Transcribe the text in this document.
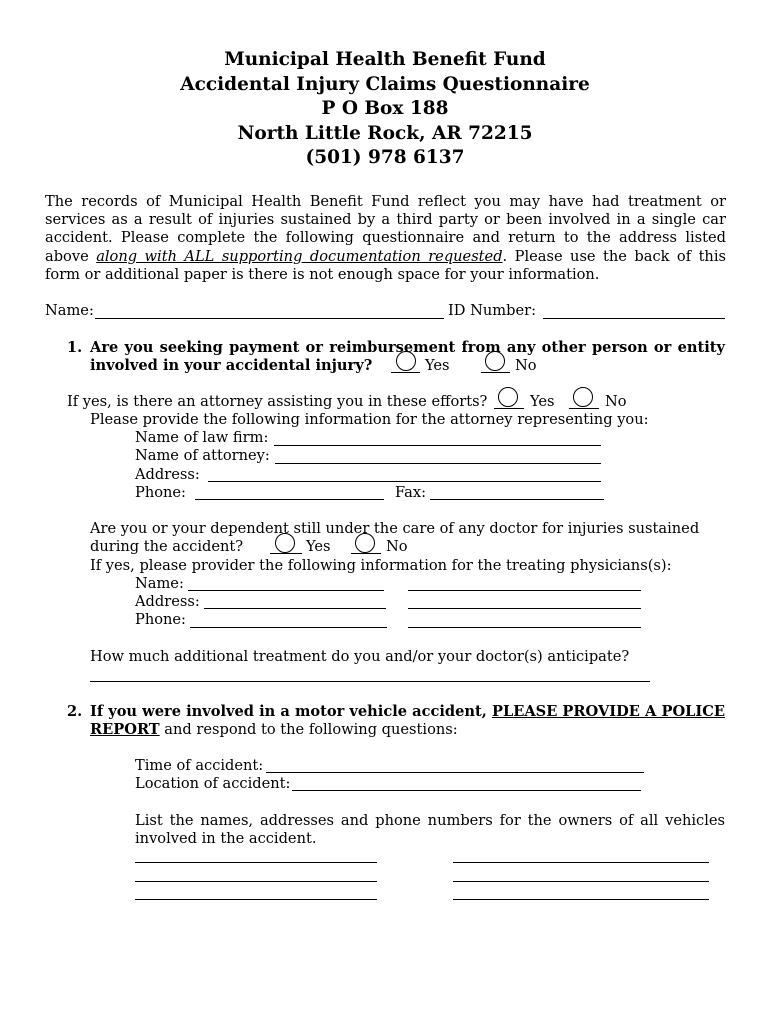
Municipal Health Benefit Fund
Accidental Injury Claims Questionnaire
P O Box 188
North Little Rock, AR 72215
(501) 978 6137

The records of Municipal Health Benefit Fund reflect you may have had treatment or services as a result of injuries sustained by a third party or been involved in a single car accident. Please complete the following questionnaire and return to the address listed above along with ALL supporting documentation requested. Please use the back of this form or additional paper is there is not enough space for your information.

Name:	ID Number:
1. Are you seeking payment or reimbursement from any other person or entity involved in your accidental injury?	Yes	No
If yes, is there an attorney assisting you in these efforts?	Yes	No
Please provide the following information for the attorney representing you:
Name of law firm:
Name of attorney:
Address:
Phone:	Fax:
Are you or your dependent still under the care of any doctor for injuries sustained
during the accident?	Yes	No
If yes, please provider the following information for the treating physicians(s):
Name:
Address:
Phone:
How much additional treatment do you and/or your doctor(s) anticipate?
2. If you were involved in a motor vehicle accident, PLEASE PROVIDE A POLICE REPORT and respond to the following questions:

Time of accident:
Location of accident:

List the names, addresses and phone numbers for the owners of all vehicles involved in the accident.
